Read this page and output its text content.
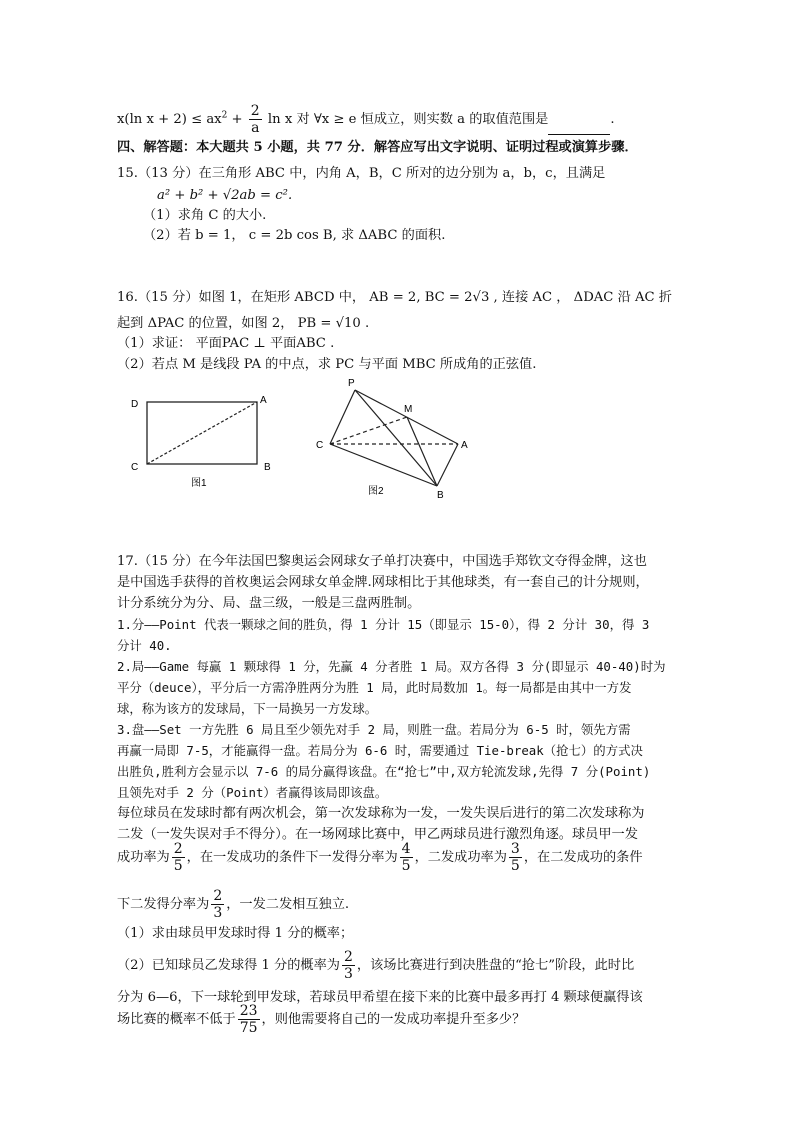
x(ln $x + 2) \le ax^2 + \frac{2}{a}$ ln x 对 ∀x ≥ e 恒成立，则实数 a 的取值范围是	.
四、解答题：本大题共 5 小题，共 77 分．解答应写出文字说明、证明过程或演算步骤．
15.（13 分）在三角形 ABC 中，内角 A，B，C 所对的边分别为 a，b，c，且满足
a² + b² + √2ab = c².
（1）求角 C 的大小.
（2）若 b = 1， c = 2b cos B, 求 ΔABC 的面积.
16.（15 分）如图 1，在矩形 ABCD 中， AB = 2, BC = 2√3 , 连接 AC ， ΔDAC 沿 AC 折
起到 ΔPAC 的位置，如图 2， PB = √10 .
（1）求证： 平面PAC ⊥ 平面ABC .
（2）若点 M 是线段 PA 的中点，求 PC 与平面 MBC 所成角的正弦值.
D	A
C	B
图1
P
M
C	A
B
图2
17.（15 分）在今年法国巴黎奥运会网球女子单打决赛中，中国选手郑钦文夺得金牌，这也
是中国选手获得的首枚奥运会网球女单金牌.网球相比于其他球类，有一套自己的计分规则，
计分系统分为分、局、盘三级，一般是三盘两胜制。
1.分——Point 代表一颗球之间的胜负，得 1 分计 15（即显示 15-0），得 2 分计 30，得 3
分计 40.
2.局——Game 每赢 1 颗球得 1 分，先赢 4 分者胜 1 局。双方各得 3 分(即显示 40-40)时为
平分（deuce），平分后一方需净胜两分为胜 1 局，此时局数加 1。每一局都是由其中一方发
球，称为该方的发球局，下一局换另一方发球。
3.盘——Set 一方先胜 6 局且至少领先对手 2 局，则胜一盘。若局分为 6-5 时，领先方需
再赢一局即 7-5，才能赢得一盘。若局分为 6-6 时，需要通过 Tie-break（抢七）的方式决
出胜负,胜利方会显示以 7-6 的局分赢得该盘。在“抢七”中,双方轮流发球,先得 7 分(Point)
且领先对手 2 分（Point）者赢得该局即该盘。
每位球员在发球时都有两次机会，第一次发球称为一发，一发失误后进行的第二次发球称为
二发（一发失误对手不得分）。在一场网球比赛中，甲乙两球员进行激烈角逐。球员甲一发
成功率为 $\frac{2}{5}$ ，在一发成功的条件下一发得分率为 $\frac{4}{5}$ ，二发成功率为 $\frac{3}{5}$ ，在二发成功的条件
下二发得分率为 $\frac{2}{3}$ ，一发二发相互独立.
（1）求由球员甲发球时得 1 分的概率；
（2）已知球员乙发球得 1 分的概率为 $\frac{2}{3}$ ，该场比赛进行到决胜盘的“抢七”阶段，此时比
分为 6—6，下一球轮到甲发球，若球员甲希望在接下来的比赛中最多再打 4 颗球便赢得该
场比赛的概率不低于 $\frac{23}{75}$ ，则他需要将自己的一发成功率提升至多少？
